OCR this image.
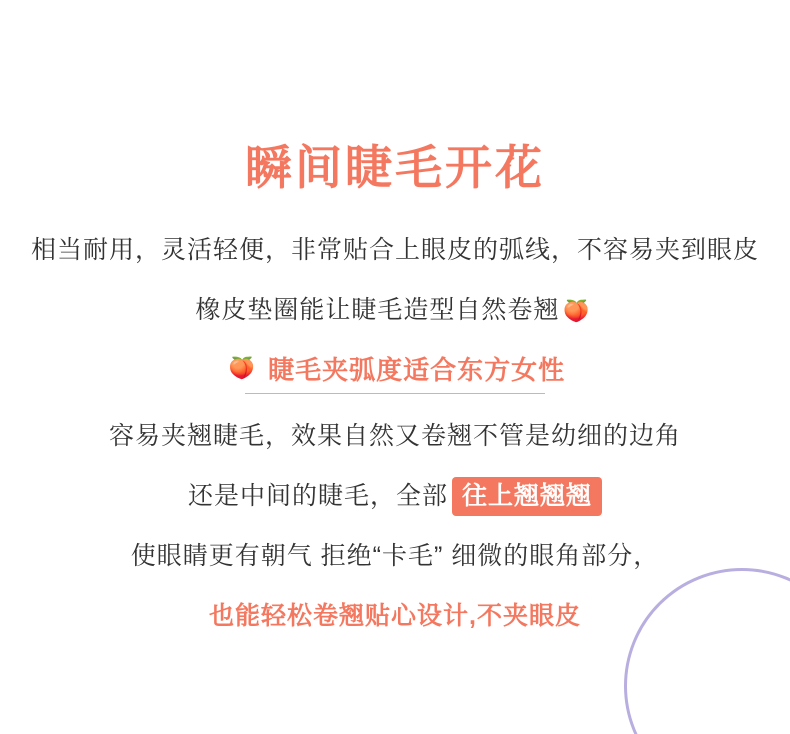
瞬间睫毛开花

相当耐用，灵活轻便，非常贴合上眼皮的弧线，不容易夹到眼皮

橡皮垫圈能让睫毛造型自然卷翘 🍑

🍑 睫毛夹弧度适合东方女性

容易夹翘睫毛，效果自然又卷翘不管是幼细的边角

还是中间的睫毛，全部 往上翘翘翘

使眼睛更有朝气 拒绝“卡毛” 细微的眼角部分，

也能轻松卷翘贴心设计,不夹眼皮
